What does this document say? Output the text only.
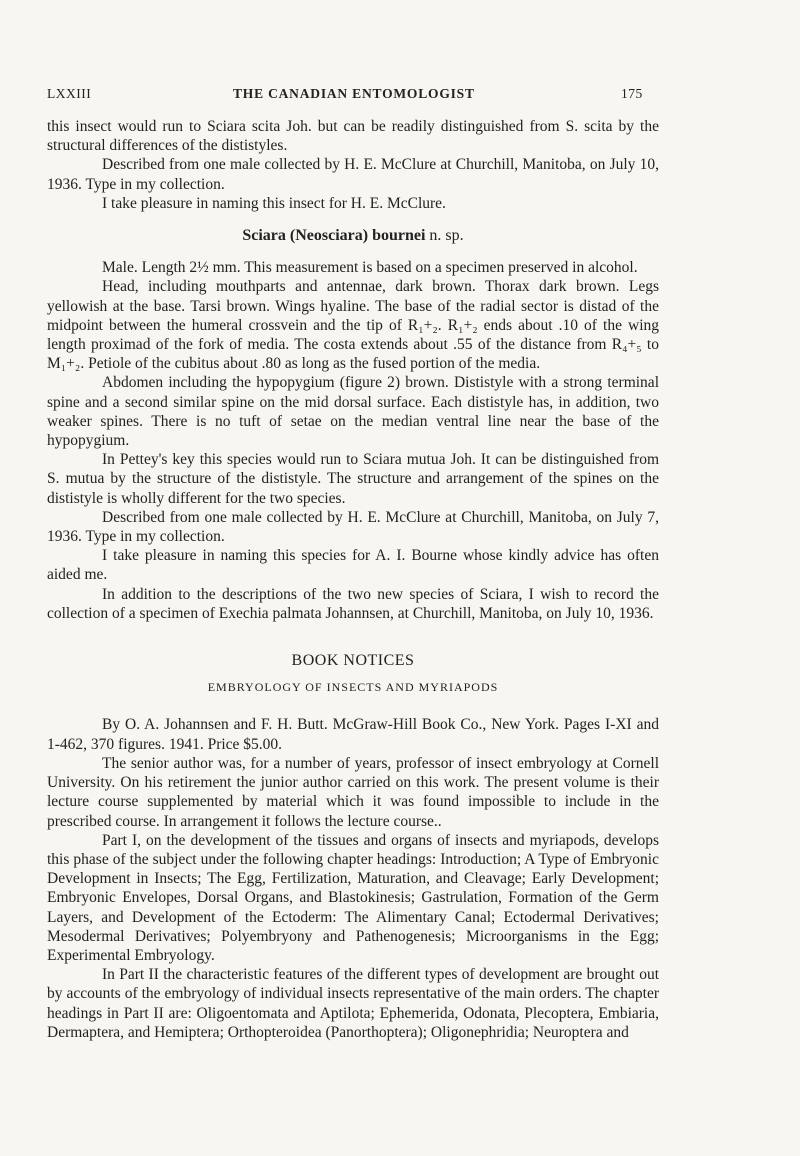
LXXIII	THE CANADIAN ENTOMOLOGIST	175

this insect would run to Sciara scita Joh. but can be readily distinguished from S. scita by the structural differences of the dististyles.

Described from one male collected by H. E. McClure at Churchill, Manitoba, on July 10, 1936. Type in my collection.

I take pleasure in naming this insect for H. E. McClure.

Sciara (Neosciara) bournei n. sp.

Male. Length 2½ mm. This measurement is based on a specimen preserved in alcohol.

Head, including mouthparts and antennae, dark brown. Thorax dark brown. Legs yellowish at the base. Tarsi brown. Wings hyaline. The base of the radial sector is distad of the midpoint between the humeral crossvein and the tip of R₁+₂. R₁+₂ ends about .10 of the wing length proximad of the fork of media. The costa extends about .55 of the distance from R₄+₅ to M₁+₂. Petiole of the cubitus about .80 as long as the fused portion of the media.

Abdomen including the hypopygium (figure 2) brown. Dististyle with a strong terminal spine and a second similar spine on the mid dorsal surface. Each dististyle has, in addition, two weaker spines. There is no tuft of setae on the median ventral line near the base of the hypopygium.

In Pettey's key this species would run to Sciara mutua Joh. It can be distinguished from S. mutua by the structure of the dististyle. The structure and arrangement of the spines on the dististyle is wholly different for the two species.

Described from one male collected by H. E. McClure at Churchill, Manitoba, on July 7, 1936. Type in my collection.

I take pleasure in naming this species for A. I. Bourne whose kindly advice has often aided me.

In addition to the descriptions of the two new species of Sciara, I wish to record the collection of a specimen of Exechia palmata Johannsen, at Churchill, Manitoba, on July 10, 1936.

BOOK NOTICES
EMBRYOLOGY OF INSECTS AND MYRIAPODS

By O. A. Johannsen and F. H. Butt. McGraw-Hill Book Co., New York. Pages I-XI and 1-462, 370 figures. 1941. Price $5.00.

The senior author was, for a number of years, professor of insect embryology at Cornell University. On his retirement the junior author carried on this work. The present volume is their lecture course supplemented by material which it was found impossible to include in the prescribed course. In arrangement it follows the lecture course..

Part I, on the development of the tissues and organs of insects and myriapods, develops this phase of the subject under the following chapter headings: Introduction; A Type of Embryonic Development in Insects; The Egg, Fertilization, Maturation, and Cleavage; Early Development; Embryonic Envelopes, Dorsal Organs, and Blastokinesis; Gastrulation, Formation of the Germ Layers, and Development of the Ectoderm: The Alimentary Canal; Ectodermal Derivatives; Mesodermal Derivatives; Polyembryony and Pathenogenesis; Microorganisms in the Egg; Experimental Embryology.

In Part II the characteristic features of the different types of development are brought out by accounts of the embryology of individual insects representative of the main orders. The chapter headings in Part II are: Oligoentomata and Aptilota; Ephemerida, Odonata, Plecoptera, Embiaria, Dermaptera, and Hemiptera; Orthopteroidea (Panorthoptera); Oligonephridia; Neuroptera and
